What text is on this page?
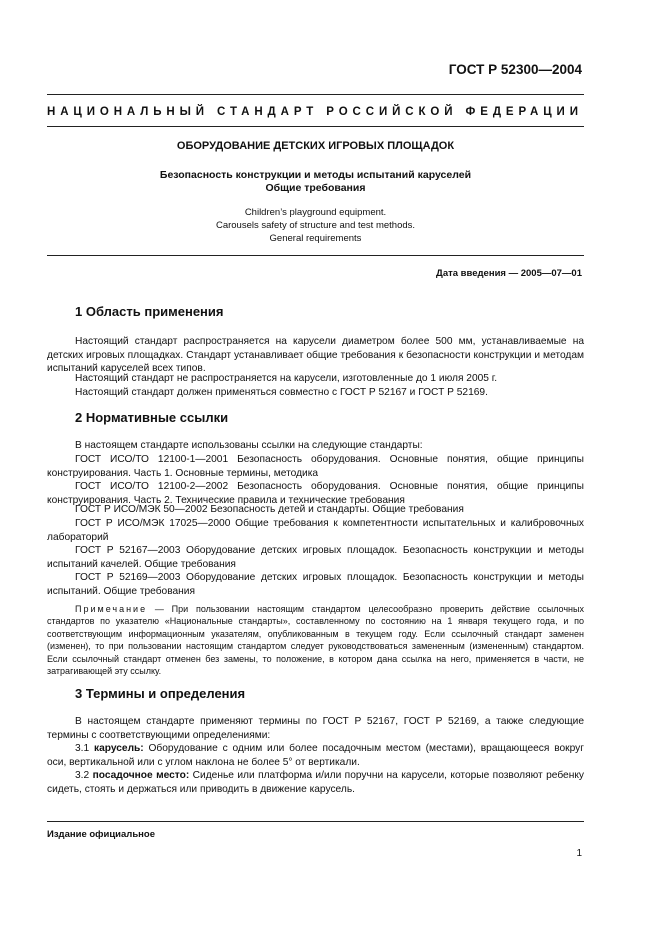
ГОСТ Р 52300—2004
НАЦИОНАЛЬНЫЙ СТАНДАРТ РОССИЙСКОЙ ФЕДЕРАЦИИ
ОБОРУДОВАНИЕ ДЕТСКИХ ИГРОВЫХ ПЛОЩАДОК
Безопасность конструкции и методы испытаний каруселей
Общие требования
Children’s playground equipment.
Carousels safety of structure and test methods.
General requirements
Дата введения — 2005—07—01
1 Область применения
Настоящий стандарт распространяется на карусели диаметром более 500 мм, устанавливаемые на детских игровых площадках. Стандарт устанавливает общие требования к безопасности конструкции и методам испытаний каруселей всех типов.
Настоящий стандарт не распространяется на карусели, изготовленные до 1 июля 2005 г.
Настоящий стандарт должен применяться совместно с ГОСТ Р 52167 и ГОСТ Р 52169.
2 Нормативные ссылки
В настоящем стандарте использованы ссылки на следующие стандарты:
ГОСТ ИСО/ТО 12100-1—2001 Безопасность оборудования. Основные понятия, общие принципы конструирования. Часть 1. Основные термины, методика
ГОСТ ИСО/ТО 12100-2—2002 Безопасность оборудования. Основные понятия, общие принципы конструирования. Часть 2. Технические правила и технические требования
ГОСТ Р ИСО/МЭК 50—2002 Безопасность детей и стандарты. Общие требования
ГОСТ Р ИСО/МЭК 17025—2000 Общие требования к компетентности испытательных и калибровочных лабораторий
ГОСТ Р 52167—2003 Оборудование детских игровых площадок. Безопасность конструкции и методы испытаний качелей. Общие требования
ГОСТ Р 52169—2003 Оборудование детских игровых площадок. Безопасность конструкции и методы испытаний. Общие требования
Примечание — При пользовании настоящим стандартом целесообразно проверить действие ссылочных стандартов по указателю «Национальные стандарты», составленному по состоянию на 1 января текущего года, и по соответствующим информационным указателям, опубликованным в текущем году. Если ссылочный стандарт заменен (изменен), то при пользовании настоящим стандартом следует руководствоваться замененным (измененным) стандартом. Если ссылочный стандарт отменен без замены, то положение, в котором дана ссылка на него, применяется в части, не затрагивающей эту ссылку.
3 Термины и определения
В настоящем стандарте применяют термины по ГОСТ Р 52167, ГОСТ Р 52169, а также следующие термины с соответствующими определениями:
3.1 карусель: Оборудование с одним или более посадочным местом (местами), вращающееся вокруг оси, вертикальной или с углом наклона не более 5° от вертикали.
3.2 посадочное место: Сиденье или платформа и/или поручни на карусели, которые позволяют ребенку сидеть, стоять и держаться или приводить в движение карусель.
Издание официальное
1
